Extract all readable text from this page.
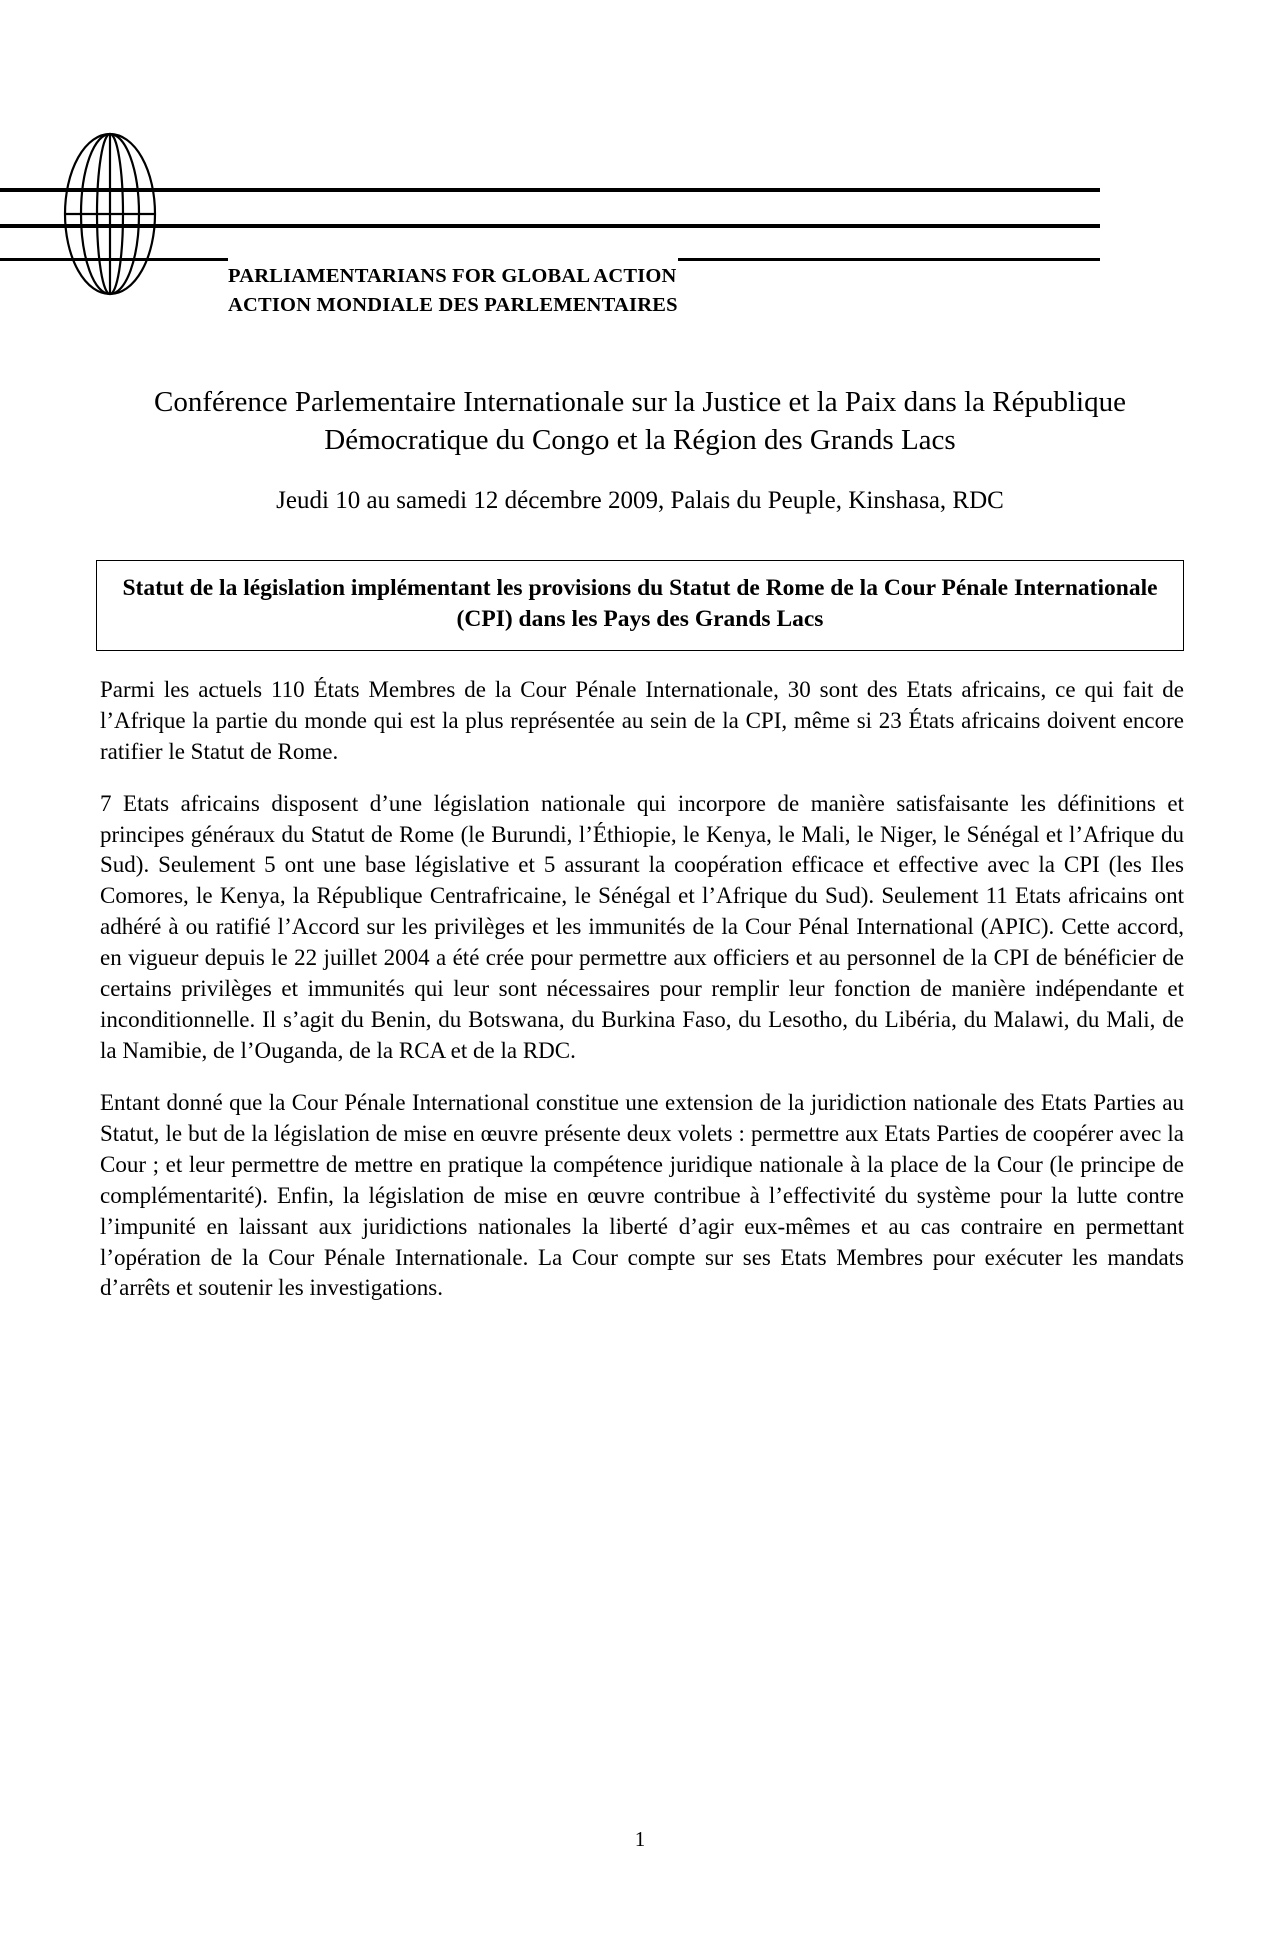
PARLIAMENTARIANS FOR GLOBAL ACTION
ACTION MONDIALE DES PARLEMENTAIRES
Conférence Parlementaire Internationale sur la Justice et la Paix dans la République Démocratique du Congo et la Région des Grands Lacs
Jeudi 10 au samedi 12 décembre 2009, Palais du Peuple, Kinshasa, RDC
Statut de la législation implémentant les provisions du Statut de Rome de la Cour Pénale Internationale (CPI) dans les Pays des Grands Lacs

Parmi les actuels 110 États Membres de la Cour Pénale Internationale, 30 sont des Etats africains, ce qui fait de l’Afrique la partie du monde qui est la plus représentée au sein de la CPI, même si 23 États africains doivent encore ratifier le Statut de Rome.

7 Etats africains disposent d’une législation nationale qui incorpore de manière satisfaisante les définitions et principes généraux du Statut de Rome (le Burundi, l’Éthiopie, le Kenya, le Mali, le Niger, le Sénégal et l’Afrique du Sud). Seulement 5 ont une base législative et 5 assurant la coopération efficace et effective avec la CPI (les Iles Comores, le Kenya, la République Centrafricaine, le Sénégal et l’Afrique du Sud). Seulement 11 Etats africains ont adhéré à ou ratifié l’Accord sur les privilèges et les immunités de la Cour Pénal International (APIC). Cette accord, en vigueur depuis le 22 juillet 2004 a été crée pour permettre aux officiers et au personnel de la CPI de bénéficier de certains privilèges et immunités qui leur sont nécessaires pour remplir leur fonction de manière indépendante et inconditionnelle. Il s’agit du Benin, du Botswana, du Burkina Faso, du Lesotho, du Libéria, du Malawi, du Mali, de la Namibie, de l’Ouganda, de la RCA et de la RDC.

Entant donné que la Cour Pénale International constitue une extension de la juridiction nationale des Etats Parties au Statut, le but de la législation de mise en œuvre présente deux volets : permettre aux Etats Parties de coopérer avec la Cour ; et leur permettre de mettre en pratique la compétence juridique nationale à la place de la Cour (le principe de complémentarité). Enfin, la législation de mise en œuvre contribue à l’effectivité du système pour la lutte contre l’impunité en laissant aux juridictions nationales la liberté d’agir eux-mêmes et au cas contraire en permettant l’opération de la Cour Pénale Internationale. La Cour compte sur ses Etats Membres pour exécuter les mandats d’arrêts et soutenir les investigations.

1
